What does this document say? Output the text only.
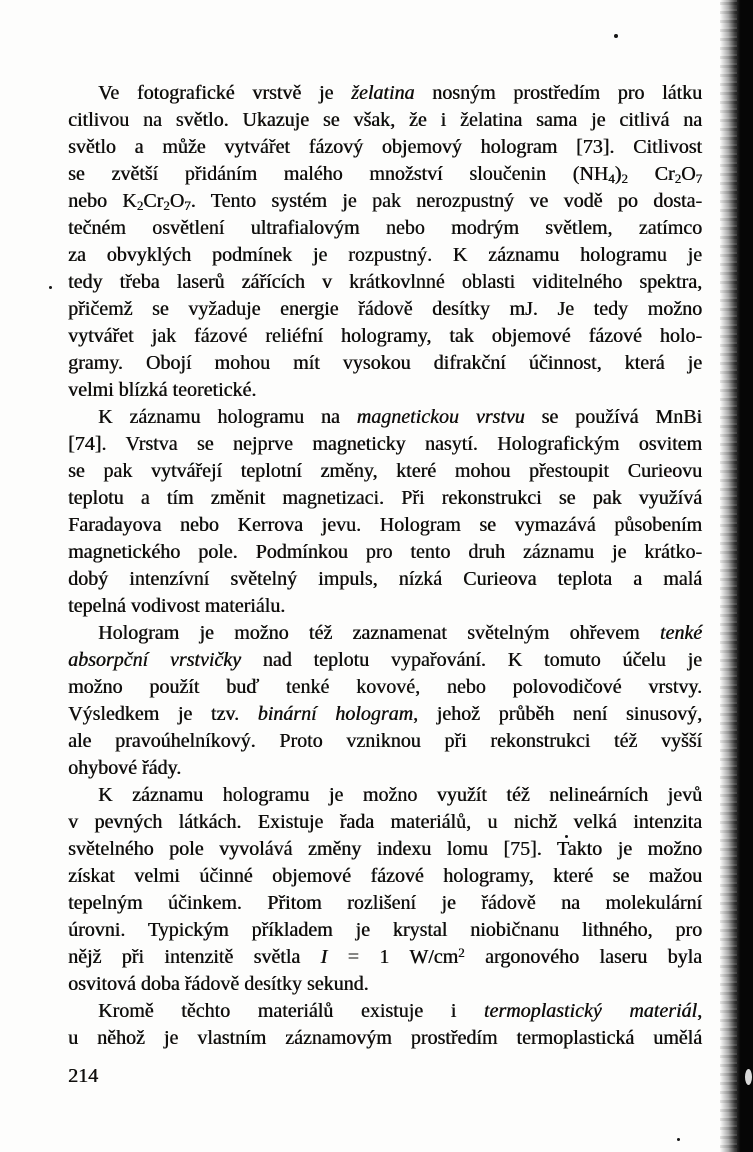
Ve fotografické vrstvě je želatina nosným prostředím pro látku
citlivou na světlo. Ukazuje se však, že i želatina sama je citlivá na
světlo a může vytvářet fázový objemový hologram [73]. Citlivost
se zvětší přidáním malého množství sloučenin $(NH_4)_2$ $Cr_2O_7$
nebo $K_2Cr_2O_7$. Tento systém je pak nerozpustný ve vodě po dosta-
tečném osvětlení ultrafialovým nebo modrým světlem, zatímco
za obvyklých podmínek je rozpustný. K záznamu hologramu je
tedy třeba laserů zářících v krátkovlnné oblasti viditelného spektra,
přičemž se vyžaduje energie řádově desítky mJ. Je tedy možno
vytvářet jak fázové reliéfní hologramy, tak objemové fázové holo-
gramy. Obojí mohou mít vysokou difrakční účinnost, která je
velmi blízká teoretické.
K záznamu hologramu na magnetickou vrstvu se používá MnBi
[74]. Vrstva se nejprve magneticky nasytí. Holografickým osvitem
se pak vytvářejí teplotní změny, které mohou přestoupit Curieovu
teplotu a tím změnit magnetizaci. Při rekonstrukci se pak využívá
Faradayova nebo Kerrova jevu. Hologram se vymazává působením
magnetického pole. Podmínkou pro tento druh záznamu je krátko-
dobý intenzívní světelný impuls, nízká Curieova teplota a malá
tepelná vodivost materiálu.
Hologram je možno též zaznamenat světelným ohřevem tenké
absorpční vrstvičky nad teplotu vypařování. K tomuto účelu je
možno použít buď tenké kovové, nebo polovodičové vrstvy.
Výsledkem je tzv. binární hologram, jehož průběh není sinusový,
ale pravoúhelníkový. Proto vzniknou při rekonstrukci též vyšší
ohybové řády.
K záznamu hologramu je možno využít též nelineárních jevů
v pevných látkách. Existuje řada materiálů, u nichž velká intenzita
světelného pole vyvolává změny indexu lomu [75]. Takto je možno
získat velmi účinné objemové fázové hologramy, které se mažou
tepelným účinkem. Přitom rozlišení je řádově na molekulární
úrovni. Typickým příkladem je krystal niobičnanu lithného, pro
nějž při intenzitě světla I = 1 $W/cm^2$ argonového laseru byla
osvitová doba řádově desítky sekund.
Kromě těchto materiálů existuje i termoplastický materiál,
u něhož je vlastním záznamovým prostředím termoplastická umělá
214
